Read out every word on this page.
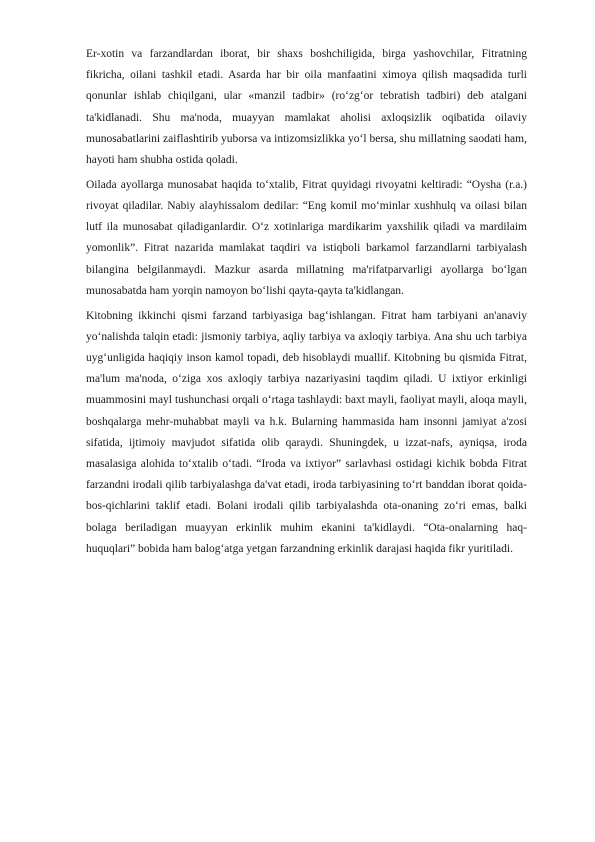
Er-xotin va farzandlardan iborat, bir shaxs boshchiligida, birga yashovchilar, Fitratning fikricha, oilani tashkil etadi. Asarda har bir oila manfaatini ximoya qilish maqsadida turli qonunlar ishlab chiqilgani, ular «manzil tadbir» (ro‘zg‘or tebratish tadbiri) deb atalgani ta'kidlanadi. Shu ma'noda, muayyan mamlakat aholisi axloqsizlik oqibatida oilaviy munosabatlarini zaiflashtirib yuborsa va intizomsizlikka yo‘l bersa, shu millatning saodati ham, hayoti ham shubha ostida qoladi.

Oilada ayollarga munosabat haqida to‘xtalib, Fitrat quyidagi rivoyatni keltiradi: “Oysha (r.a.) rivoyat qiladilar. Nabiy alayhissalom dedilar: “Eng komil mo‘minlar xushhulq va oilasi bilan lutf ila munosabat qiladiganlardir. O‘z xotinlariga mardikarim yaxshilik qiladi va mardilaim yomonlik”. Fitrat nazarida mamlakat taqdiri va istiqboli barkamol farzandlarni tarbiyalash bilangina belgilanmaydi. Mazkur asarda millatning ma'rifatparvarligi ayollarga bo‘lgan munosabatda ham yorqin namoyon bo‘lishi qayta-qayta ta'kidlangan.

Kitobning ikkinchi qismi farzand tarbiyasiga bag‘ishlangan. Fitrat ham tarbiyani an'anaviy yo‘nalishda talqin etadi: jismoniy tarbiya, aqliy tarbiya va axloqiy tarbiya. Ana shu uch tarbiya uyg‘unligida haqiqiy inson kamol topadi, deb hisoblaydi muallif. Kitobning bu qismida Fitrat, ma'lum ma'noda, o‘ziga xos axloqiy tarbiya nazariyasini taqdim qiladi. U ixtiyor erkinligi muammosini mayl tushunchasi orqali o‘rtaga tashlaydi: baxt mayli, faoliyat mayli, aloqa mayli, boshqalarga mehr-muhabbat mayli va h.k. Bularning hammasida ham insonni jamiyat a'zosi sifatida, ijtimoiy mavjudot sifatida olib qaraydi. Shuningdek, u izzat-nafs, ayniqsa, iroda masalasiga alohida to‘xtalib o‘tadi. “Iroda va ixtiyor” sarlavhasi ostidagi kichik bobda Fitrat farzandni irodali qilib tarbiyalashga da'vat etadi, iroda tarbiyasining to‘rt banddan iborat qoida-bos-qichlarini taklif etadi. Bolani irodali qilib tarbiyalashda ota-onaning zo‘ri emas, balki bolaga beriladigan muayyan erkinlik muhim ekanini ta'kidlaydi. “Ota-onalarning haq-huquqlari” bobida ham balog‘atga yetgan farzandning erkinlik darajasi haqida fikr yuritiladi.
